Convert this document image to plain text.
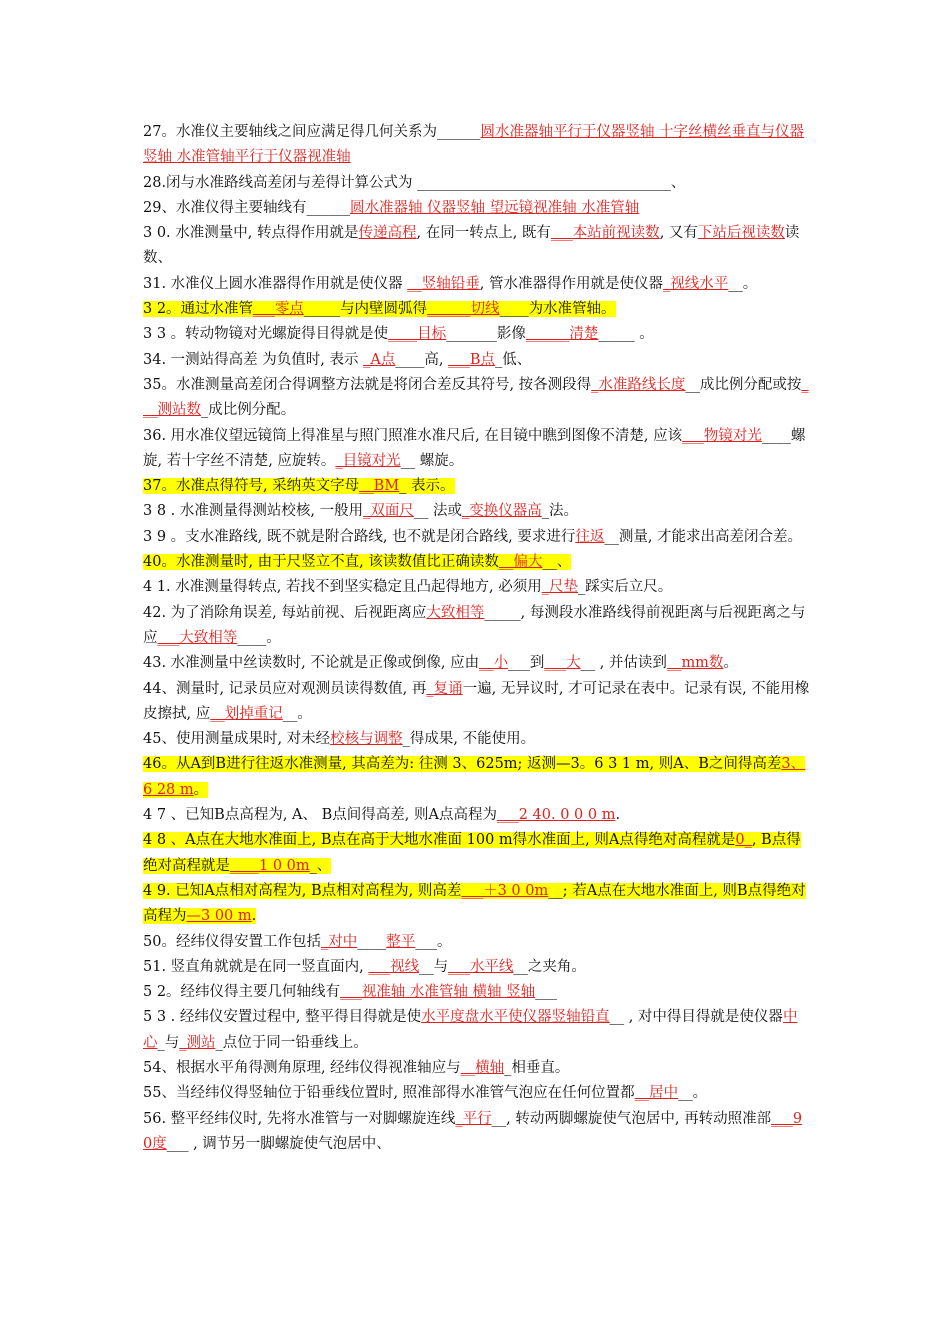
27。水准仪主要轴线之间应满足得几何关系为______圆水准器轴平行于仪器竖轴 十字丝横丝垂直与仪器竖轴 水准管轴平行于仪器视准轴

28.闭与水准路线高差闭与差得计算公式为 ___________________________________、

29、水准仪得主要轴线有______圆水准器轴 仪器竖轴 望远镜视准轴 水准管轴

3 0. 水准测量中, 转点得作用就是传递高程, 在同一转点上, 既有___本站前视读数, 又有下站后视读数读数、

31. 水准仪上圆水准器得作用就是使仪器 __竖轴铅垂, 管水准器得作用就是使仪器_视线水平__。

3 2。通过水准管___零点_____与内壁圆弧得______切线____为水准管轴。

3 3 。转动物镜对光螺旋得目得就是使____目标_______影像______清楚_____ 。

34. 一测站得高差 为负值时, 表示 _A点____高, ___B点_低、

35。水准测量高差闭合得调整方法就是将闭合差反其符号, 按各测段得_水准路线长度__成比例分配或按___测站数_成比例分配。

36. 用水准仪望远镜筒上得准星与照门照准水准尺后, 在目镜中瞧到图像不清楚, 应该___物镜对光____螺旋, 若十字丝不清楚, 应旋转。_目镜对光__ 螺旋。

37。水准点得符号, 采纳英文字母__BM_ 表示。

3 8 . 水准测量得测站校核, 一般用_双面尺__ 法或_变换仪器高_法。

3 9 。支水准路线, 既不就是附合路线, 也不就是闭合路线, 要求进行往返__测量, 才能求出高差闭合差。

40。水准测量时, 由于尺竖立不直, 该读数值比正确读数__偏大__、

4 1. 水准测量得转点, 若找不到坚实稳定且凸起得地方, 必须用_尺垫_踩实后立尺。

42. 为了消除角误差, 每站前视、后视距离应大致相等_____, 每测段水准路线得前视距离与后视距离之与应___大致相等____。

43. 水准测量中丝读数时, 不论就是正像或倒像, 应由__小___到___大__ , 并估读到__mm数。

44、测量时, 记录员应对观测员读得数值, 再_复诵一遍, 无异议时, 才可记录在表中。记录有误, 不能用橡皮擦拭, 应__划掉重记__。

45、使用测量成果时, 对未经校核与调整_得成果, 不能使用。

46。从A到B进行往返水准测量, 其高差为: 往测 3、625m; 返测—3。6 3 1 m, 则A、B之间得高差3、6 28 m。

4 7 、已知B点高程为, A、 B点间得高差, 则A点高程为___2 40. 0 0 0 m.

4 8 、A点在大地水准面上, B点在高于大地水准面 100 m得水准面上, 则A点得绝对高程就是0_, B点得绝对高程就是____1 0 0m_、

4 9. 已知A点相对高程为, B点相对高程为, 则高差___＋3 0 0m__; 若A点在大地水准面上, 则B点得绝对高程为—3 00 m.

50。经纬仪得安置工作包括_对中____整平___。

51. 竖直角就就是在同一竖直面内, ___视线__与___水平线__之夹角。

5 2。经纬仪得主要几何轴线有___视准轴 水准管轴 横轴 竖轴___

5 3 . 经纬仪安置过程中, 整平得目得就是使水平度盘水平使仪器竖轴铅直__ , 对中得目得就是使仪器中心_与_测站_点位于同一铅垂线上。

54、根据水平角得测角原理, 经纬仪得视准轴应与__横轴_相垂直。

55、当经纬仪得竖轴位于铅垂线位置时, 照准部得水准管气泡应在任何位置都__居中__。

56. 整平经纬仪时, 先将水准管与一对脚螺旋连线_平行__, 转动两脚螺旋使气泡居中, 再转动照准部___9 0度___ , 调节另一脚螺旋使气泡居中、
